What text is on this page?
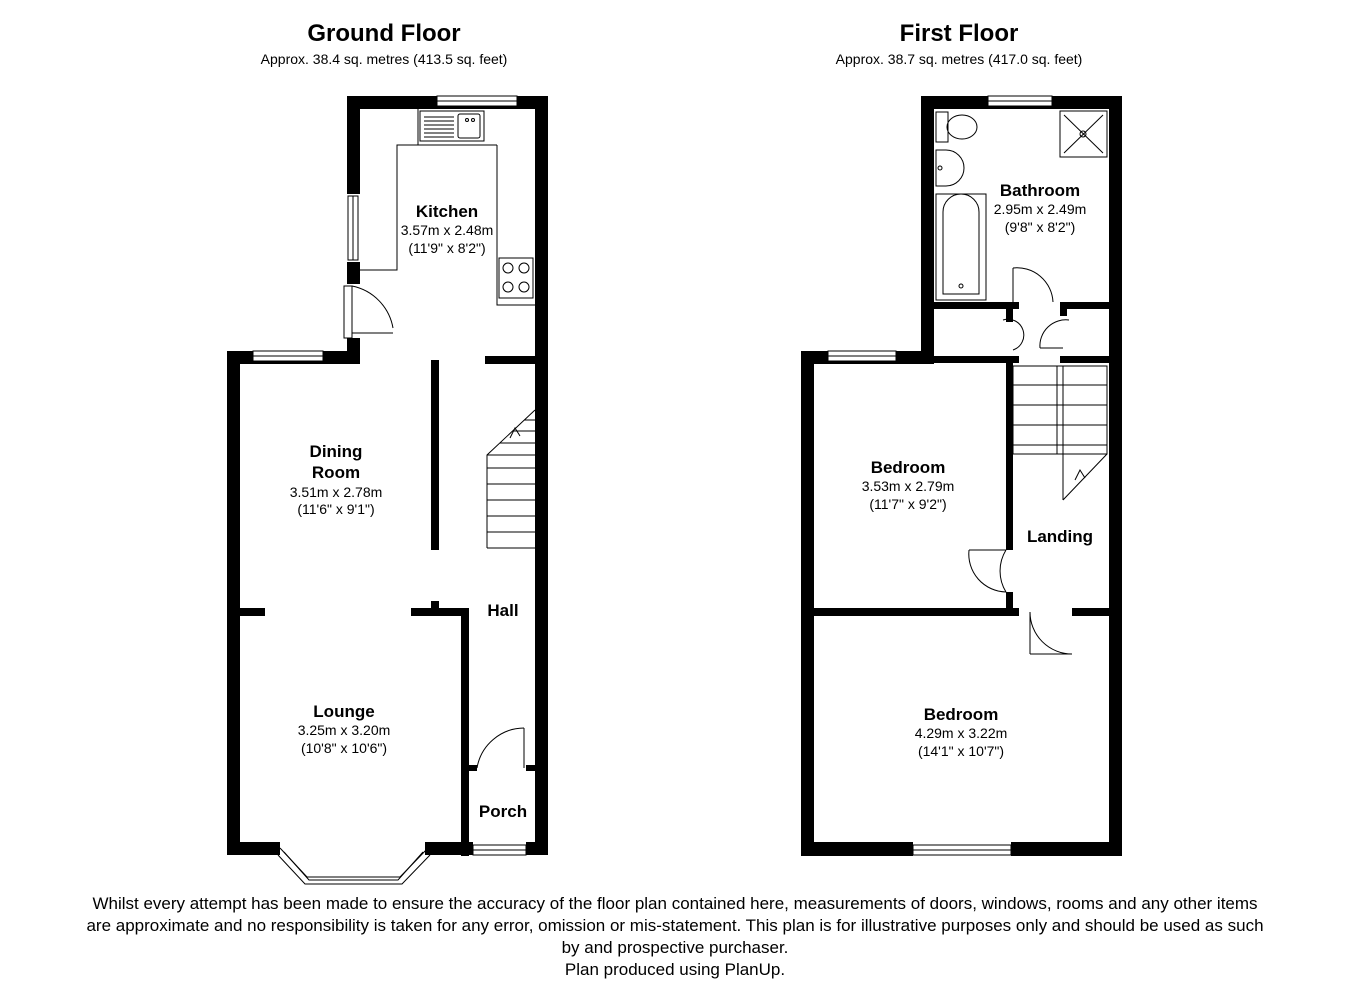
Ground Floor
Approx. 38.4 sq. metres (413.5 sq. feet)
Kitchen
3.57m x 2.48m
(11'9" x 8'2")
Dining
Room
3.51m x 2.78m
(11'6" x 9'1")
Hall
Lounge
3.25m x 3.20m
(10'8" x 10'6")
Porch
First Floor
Approx. 38.7 sq. metres (417.0 sq. feet)
Bathroom
2.95m x 2.49m
(9'8" x 8'2")
Bedroom
3.53m x 2.79m
(11'7" x 9'2")
Landing
Bedroom
4.29m x 3.22m
(14'1" x 10'7")
Whilst every attempt has been made to ensure the accuracy of the floor plan contained here, measurements of doors, windows, rooms and any other items
are approximate and no responsibility is taken for any error, omission or mis-statement. This plan is for illustrative purposes only and should be used as such
by and prospective purchaser.
Plan produced using PlanUp.
